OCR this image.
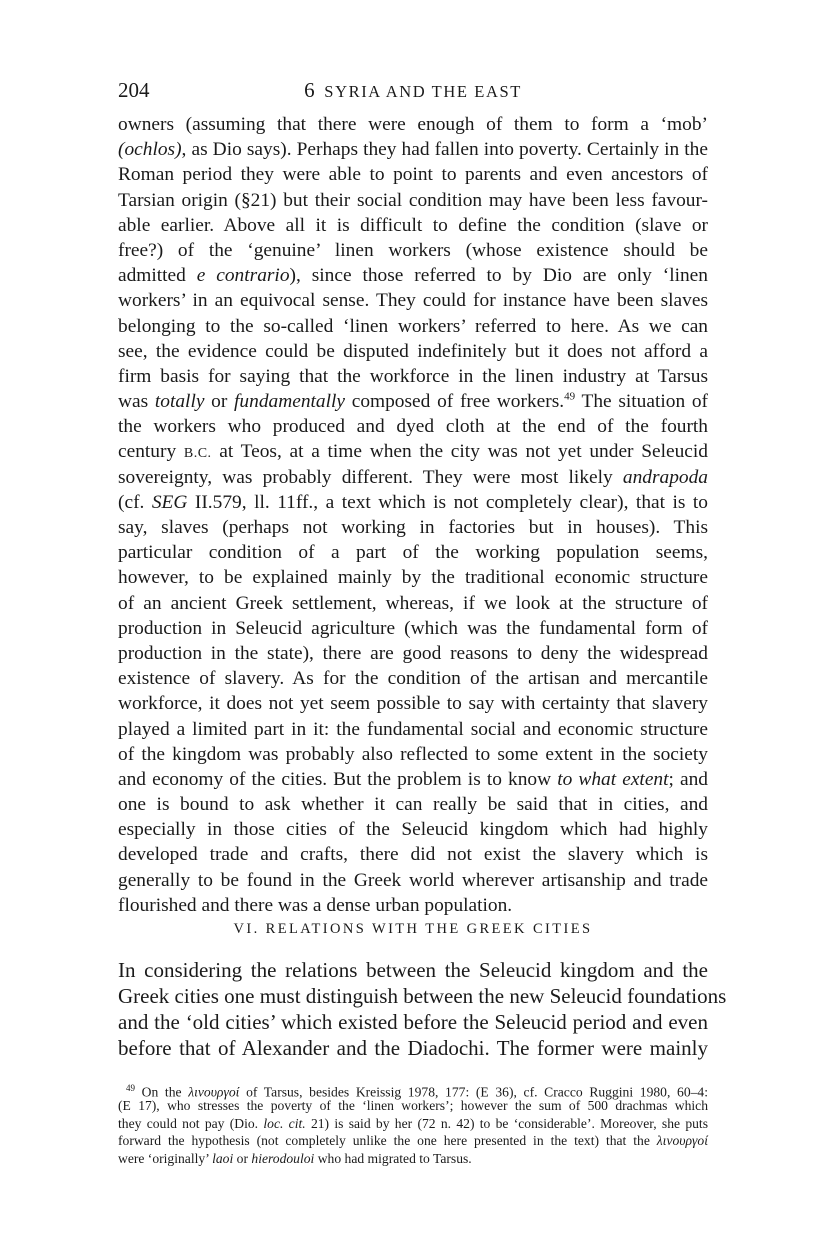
204	6 SYRIA AND THE EAST
owners (assuming that there were enough of them to form a ‘mob’
(ochlos), as Dio says). Perhaps they had fallen into poverty. Certainly in the
Roman period they were able to point to parents and even ancestors of
Tarsian origin (§21) but their social condition may have been less favour-
able earlier. Above all it is difficult to define the condition (slave or
free?) of the ‘genuine’ linen workers (whose existence should be
admitted e contrario), since those referred to by Dio are only ‘linen
workers’ in an equivocal sense. They could for instance have been slaves
belonging to the so-called ‘linen workers’ referred to here. As we can
see, the evidence could be disputed indefinitely but it does not afford a
firm basis for saying that the workforce in the linen industry at Tarsus
was totally or fundamentally composed of free workers.$^{49}$ The situation of
the workers who produced and dyed cloth at the end of the fourth
century B.C. at Teos, at a time when the city was not yet under Seleucid
sovereignty, was probably different. They were most likely andrapoda
(cf. SEG II.579, ll. 11ff., a text which is not completely clear), that is to
say, slaves (perhaps not working in factories but in houses). This
particular condition of a part of the working population seems,
however, to be explained mainly by the traditional economic structure
of an ancient Greek settlement, whereas, if we look at the structure of
production in Seleucid agriculture (which was the fundamental form of
production in the state), there are good reasons to deny the widespread
existence of slavery. As for the condition of the artisan and mercantile
workforce, it does not yet seem possible to say with certainty that slavery
played a limited part in it: the fundamental social and economic structure
of the kingdom was probably also reflected to some extent in the society
and economy of the cities. But the problem is to know to what extent; and
one is bound to ask whether it can really be said that in cities, and
especially in those cities of the Seleucid kingdom which had highly
developed trade and crafts, there did not exist the slavery which is
generally to be found in the Greek world wherever artisanship and trade
flourished and there was a dense urban population.
VI. RELATIONS WITH THE GREEK CITIES
In considering the relations between the Seleucid kingdom and the
Greek cities one must distinguish between the new Seleucid foundations
and the ‘old cities’ which existed before the Seleucid period and even
before that of Alexander and the Diadochi. The former were mainly
$^{49}$ On the λινουργοί of Tarsus, besides Kreissig 1978, 177: (E 36), cf. Cracco Ruggini 1980, 60–4:
(E 17), who stresses the poverty of the ‘linen workers’; however the sum of 500 drachmas which
they could not pay (Dio. loc. cit. 21) is said by her (72 n. 42) to be ‘considerable’. Moreover, she puts
forward the hypothesis (not completely unlike the one here presented in the text) that the λινουργοί
were ‘originally’ laoi or hierodouloi who had migrated to Tarsus.
